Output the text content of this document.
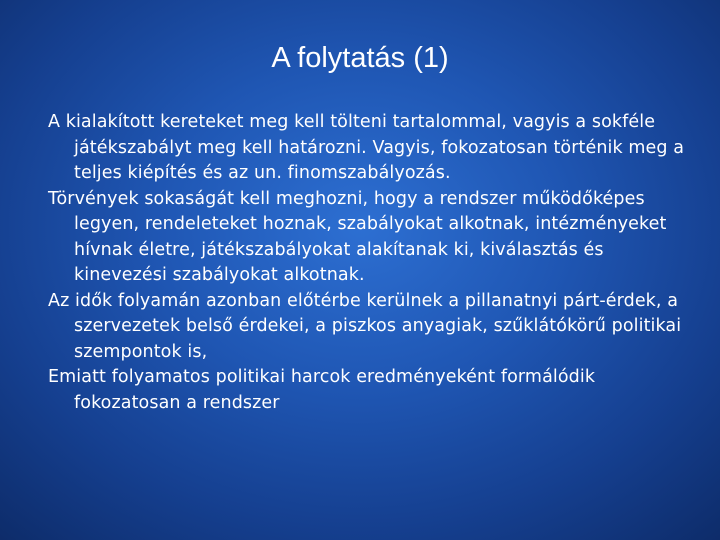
A folytatás (1)

A kialakított kereteket meg kell tölteni tartalommal, vagyis a sokféle játékszabályt meg kell határozni. Vagyis, fokozatosan történik meg a teljes kiépítés és az un. finomszabályozás.

Törvények sokaságát kell meghozni, hogy a rendszer működőképes legyen, rendeleteket hoznak, szabályokat alkotnak, intézményeket hívnak életre, játékszabályokat alakítanak ki, kiválasztás és kinevezési szabályokat alkotnak.

Az idők folyamán azonban előtérbe kerülnek a pillanatnyi párt-érdek, a szervezetek belső érdekei, a piszkos anyagiak, szűklátókörű politikai szempontok is,

Emiatt folyamatos politikai harcok eredményeként formálódik fokozatosan a rendszer
